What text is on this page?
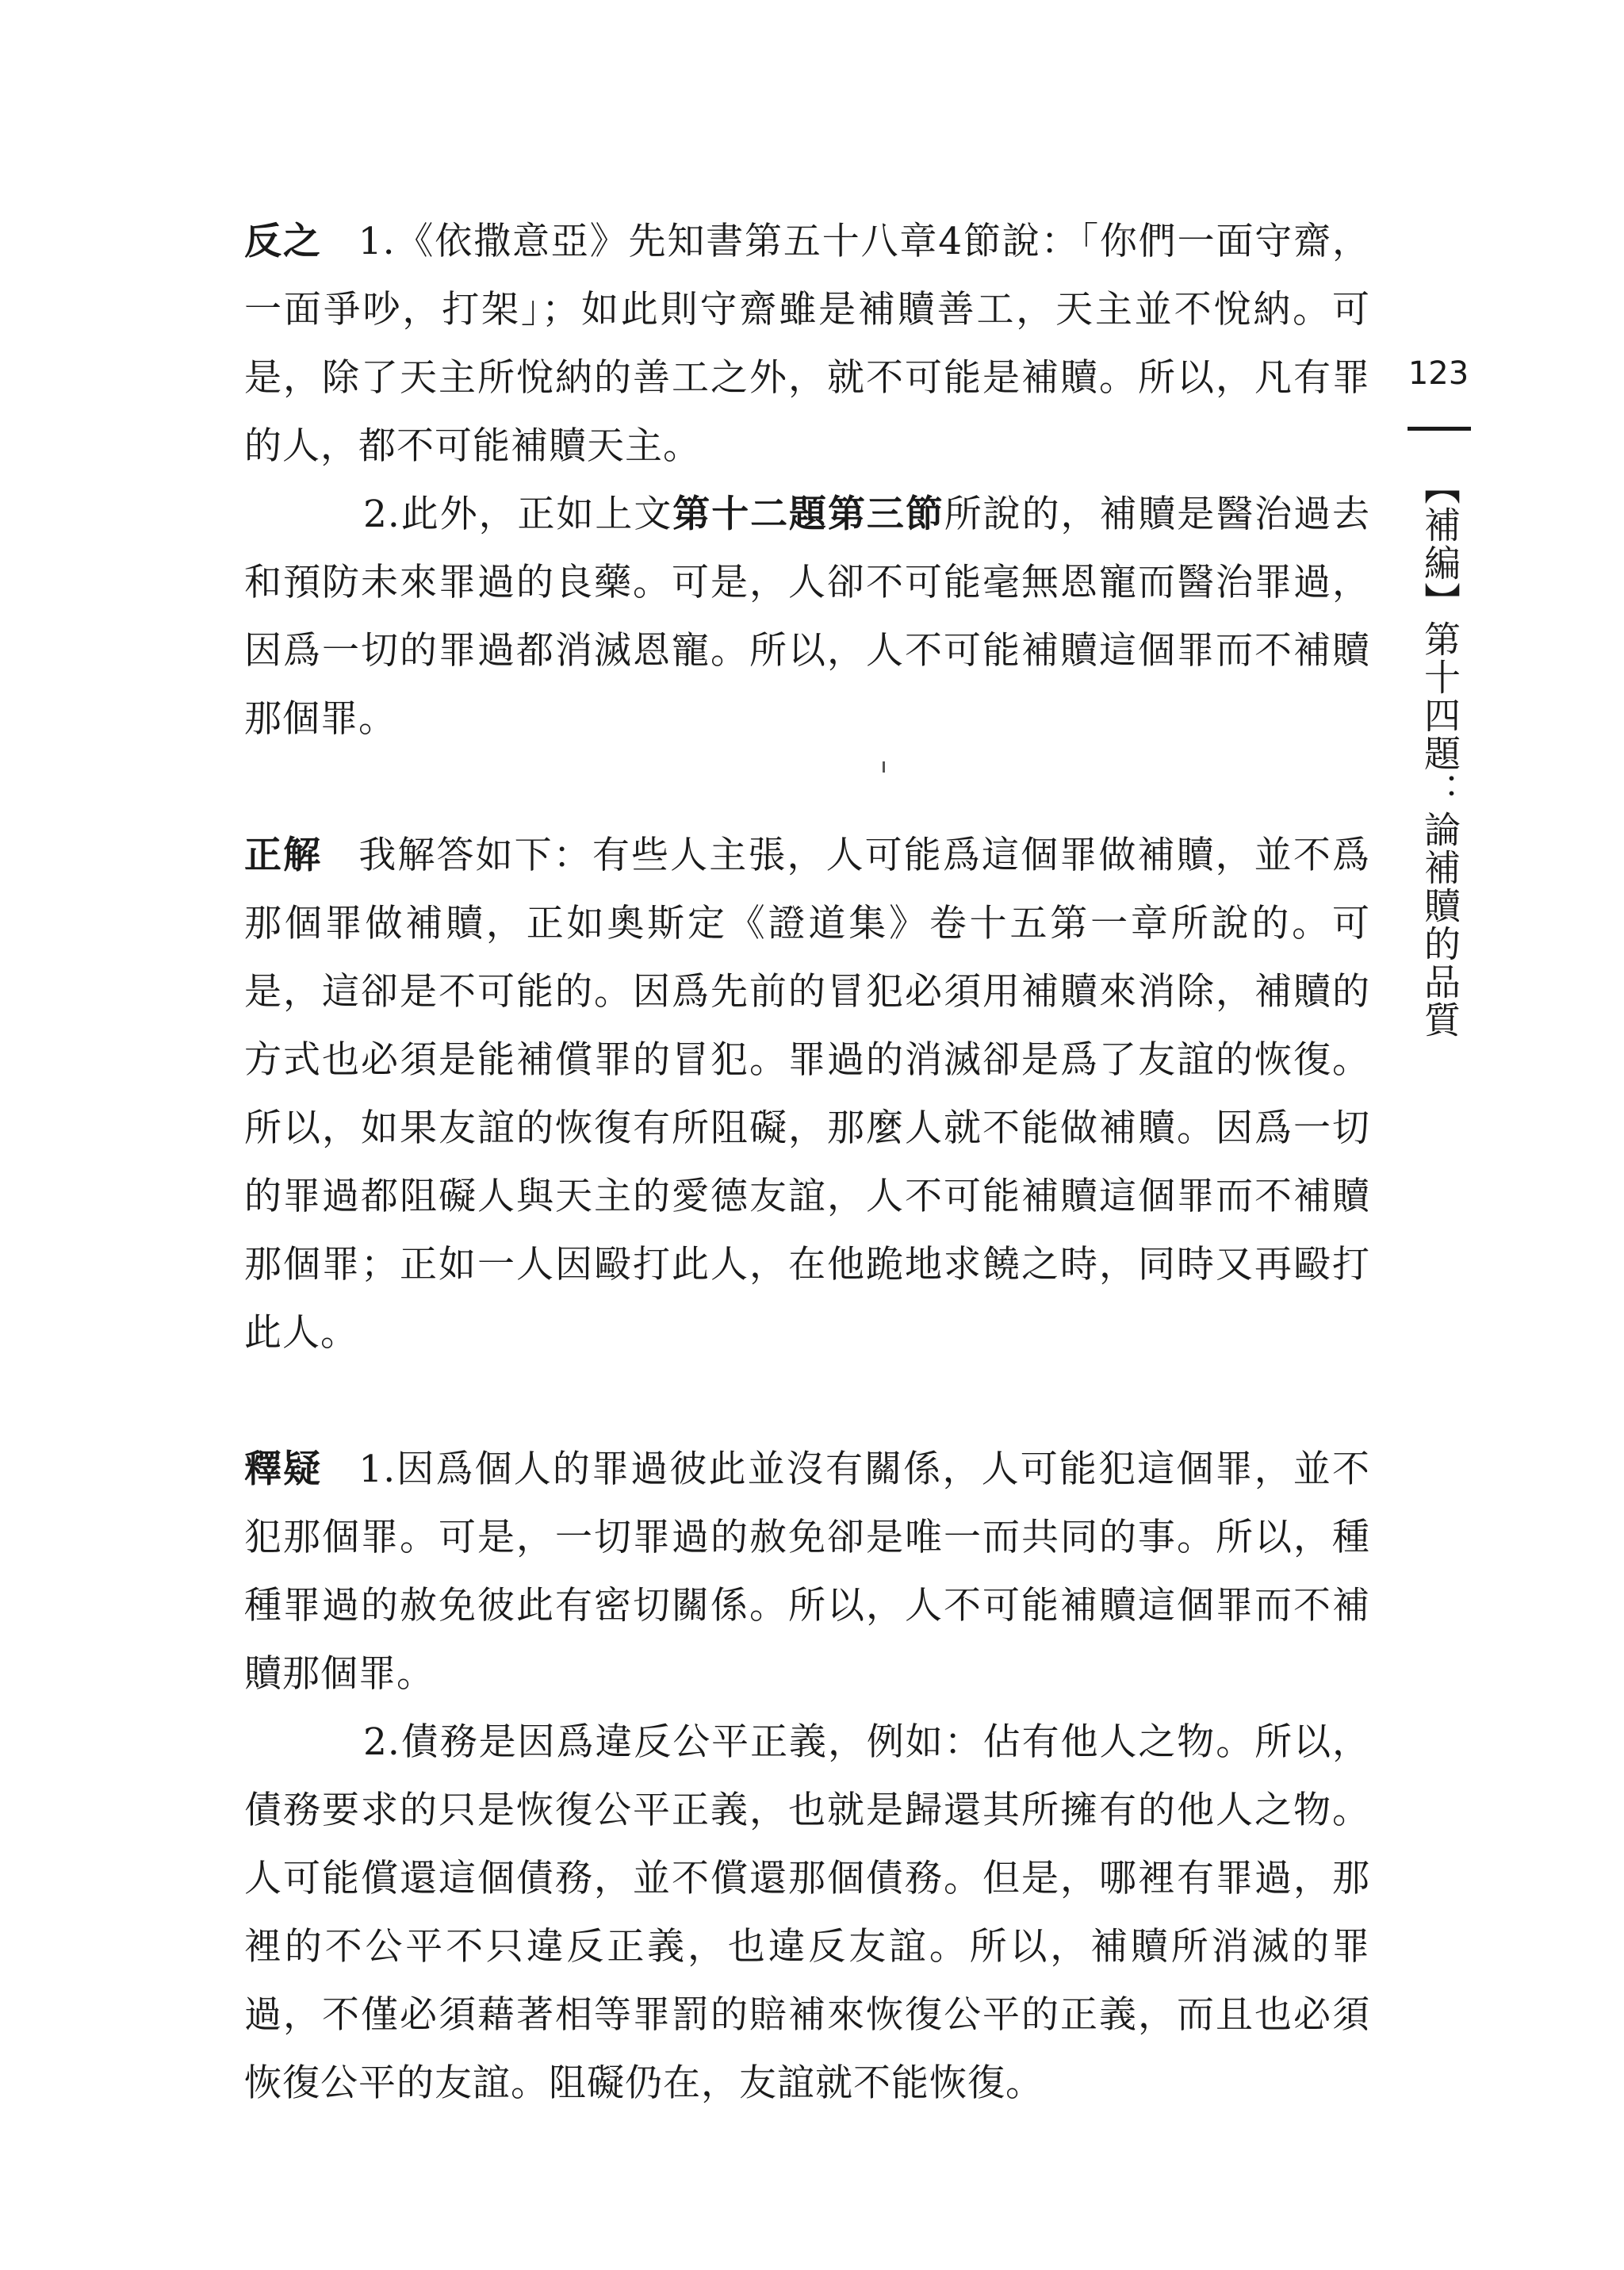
123
【補編】第十四題：論補贖的品質

反之 1.《依撒意亞》先知書第五十八章4節說：「你們一面守齋，一面爭吵，打架」；如此則守齋雖是補贖善工，天主並不悅納。可是，除了天主所悅納的善工之外，就不可能是補贖。所以，凡有罪的人，都不可能補贖天主。

2.此外，正如上文第十二題第三節所說的，補贖是醫治過去和預防未來罪過的良藥。可是，人卻不可能毫無恩寵而醫治罪過，因爲一切的罪過都消滅恩寵。所以，人不可能補贖這個罪而不補贖那個罪。

正解 我解答如下：有些人主張，人可能爲這個罪做補贖，並不爲那個罪做補贖，正如奧斯定《證道集》卷十五第一章所說的。可是，這卻是不可能的。因爲先前的冒犯必須用補贖來消除，補贖的方式也必須是能補償罪的冒犯。罪過的消滅卻是爲了友誼的恢復。所以，如果友誼的恢復有所阻礙，那麼人就不能做補贖。因爲一切的罪過都阻礙人與天主的愛德友誼，人不可能補贖這個罪而不補贖那個罪；正如一人因毆打此人，在他跪地求饒之時，同時又再毆打此人。

釋疑 1.因爲個人的罪過彼此並沒有關係，人可能犯這個罪，並不犯那個罪。可是，一切罪過的赦免卻是唯一而共同的事。所以，種種罪過的赦免彼此有密切關係。所以，人不可能補贖這個罪而不補贖那個罪。

2.債務是因爲違反公平正義，例如：佔有他人之物。所以，債務要求的只是恢復公平正義，也就是歸還其所擁有的他人之物。人可能償還這個債務，並不償還那個債務。但是，哪裡有罪過，那裡的不公平不只違反正義，也違反友誼。所以，補贖所消滅的罪過，不僅必須藉著相等罪罰的賠補來恢復公平的正義，而且也必須恢復公平的友誼。阻礙仍在，友誼就不能恢復。
